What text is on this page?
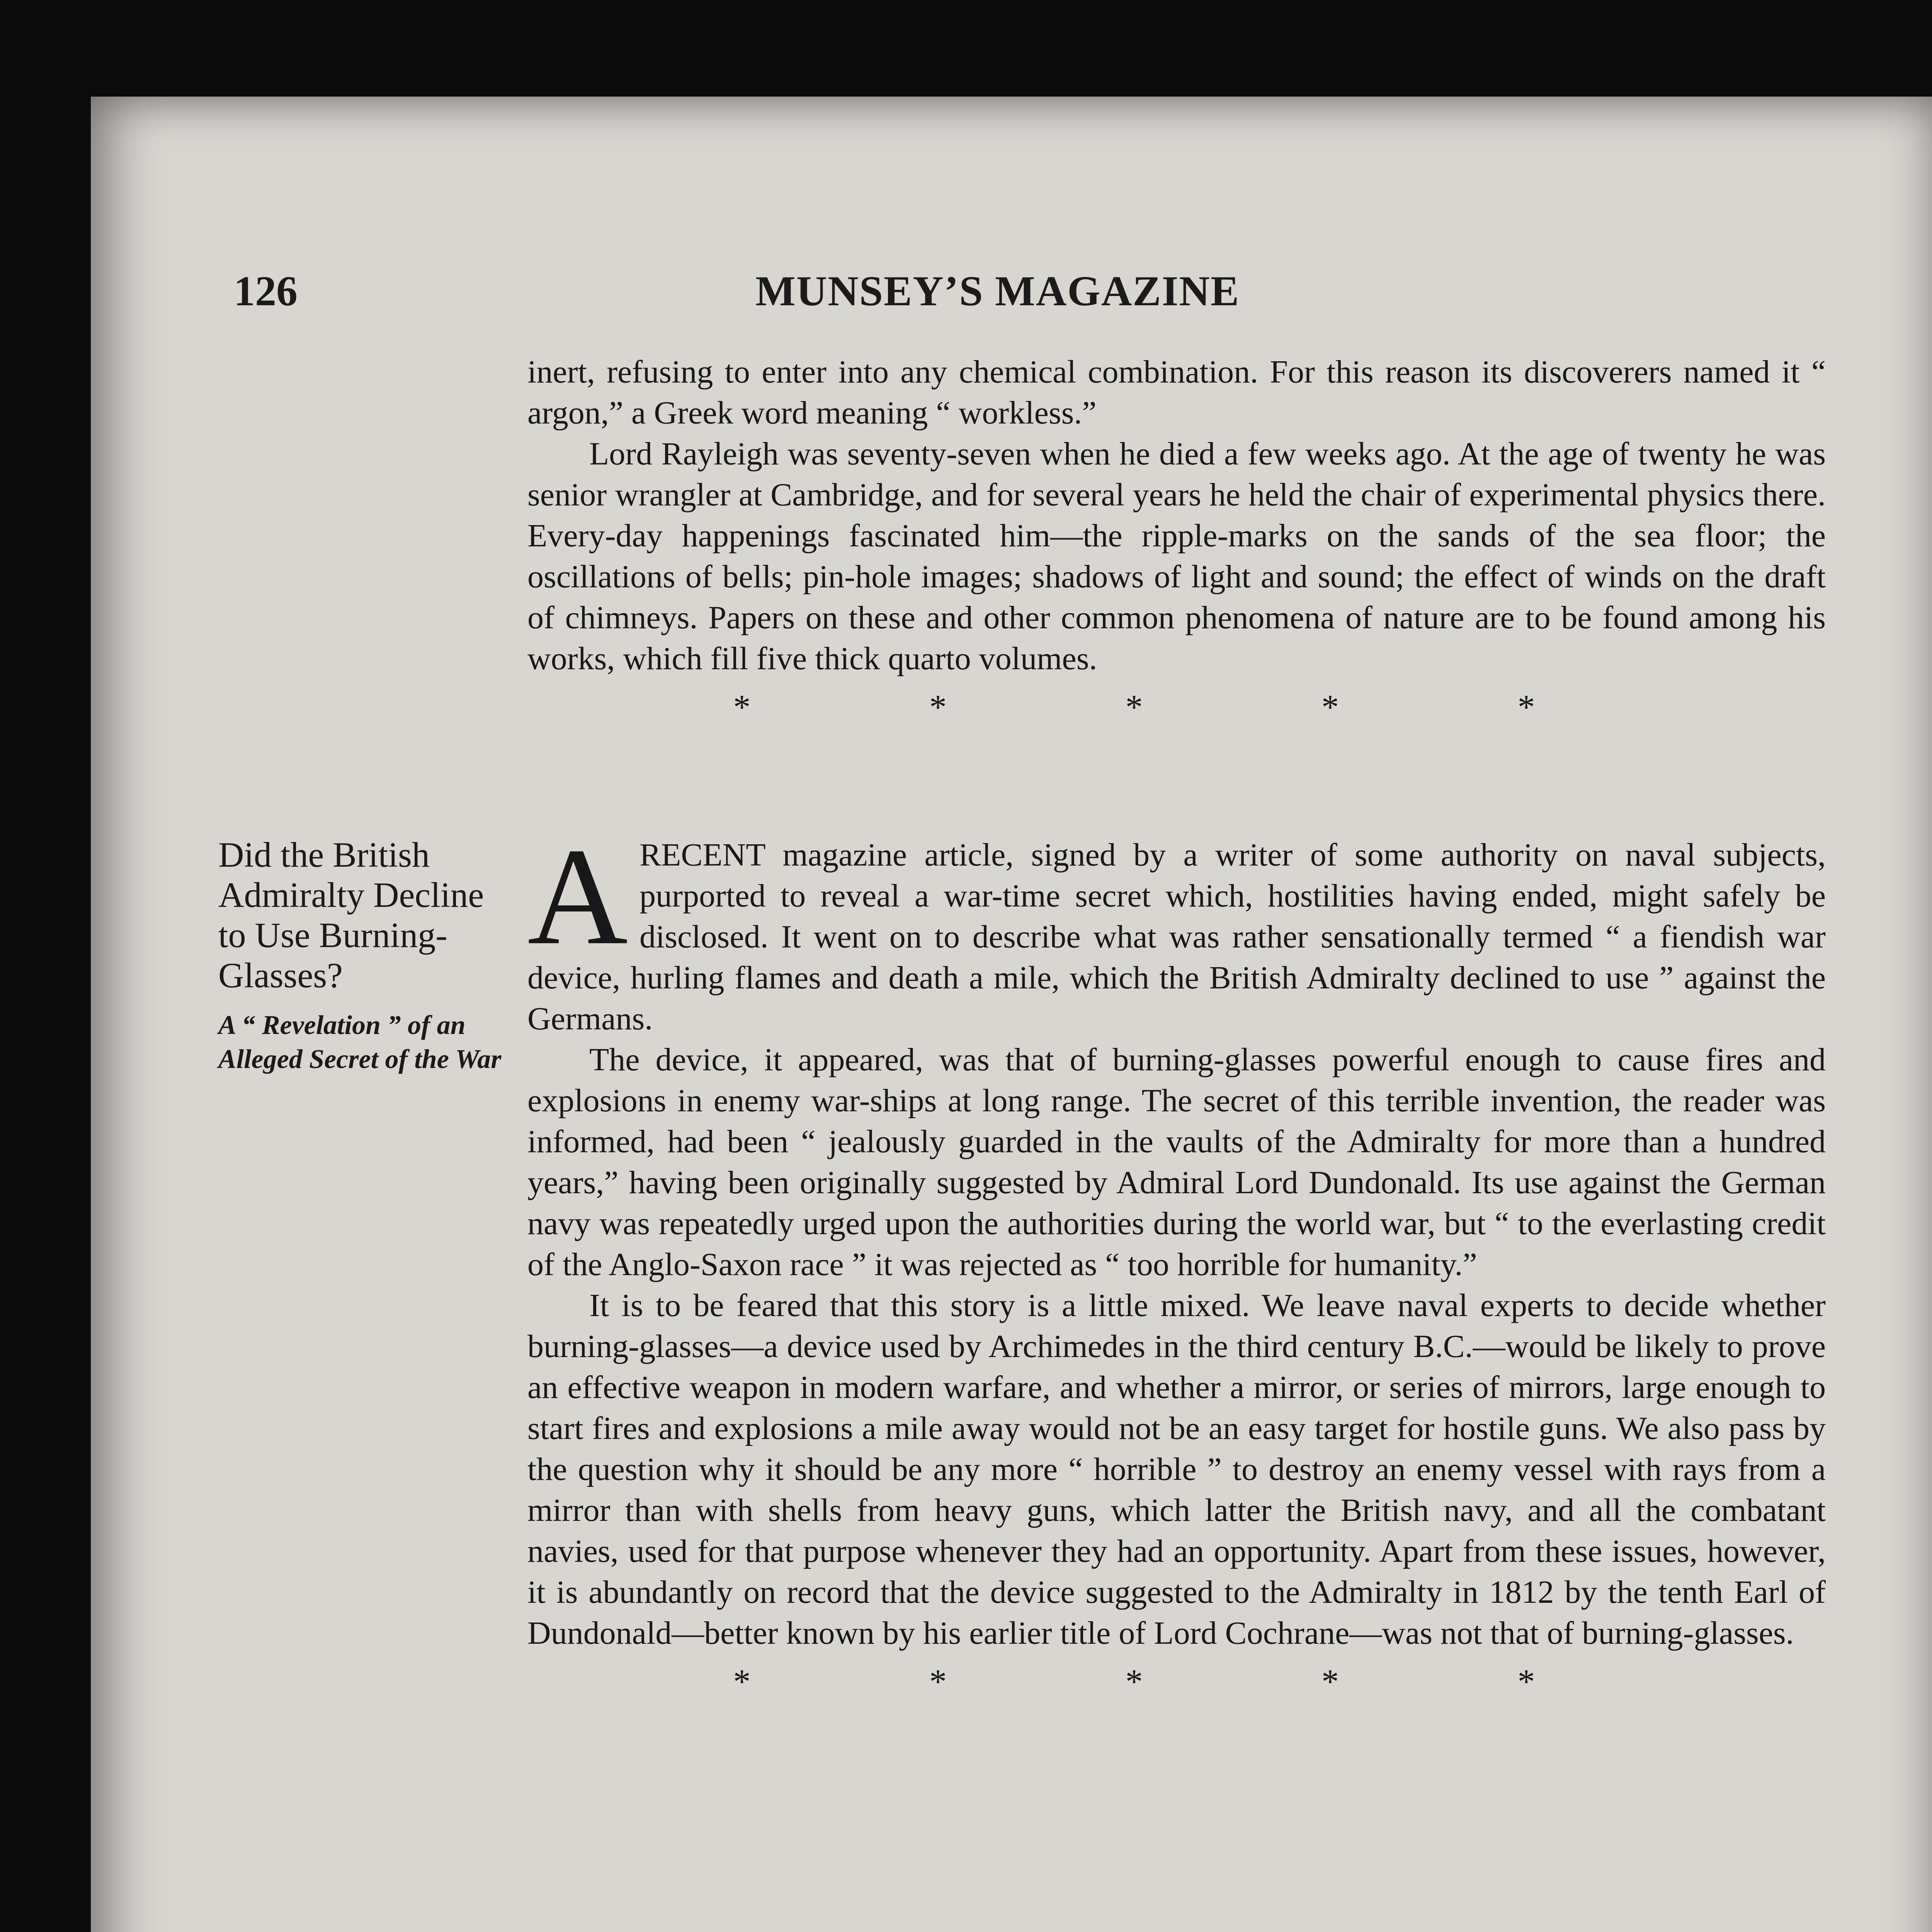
126	MUNSEY’S MAGAZINE

inert, refusing to enter into any chemical combination. For this reason its discoverers named it “ argon,” a Greek word meaning “ workless.”

Lord Rayleigh was seventy-seven when he died a few weeks ago. At the age of twenty he was senior wrangler at Cambridge, and for several years he held the chair of experimental physics there. Every-day happenings fascinated him—the ripple-marks on the sands of the sea floor; the oscillations of bells; pin-hole images; shadows of light and sound; the effect of winds on the draft of chimneys. Papers on these and other common phenomena of nature are to be found among his works, which fill five thick quarto volumes.

* * * * *

Did the British Admiralty Decline to Use Burning-Glasses?
A “ Revelation ” of an Alleged Secret of the War

ARECENT magazine article, signed by a writer of some authority on naval subjects, purported to reveal a war-time secret which, hostilities having ended, might safely be disclosed. It went on to describe what was rather sensationally termed “ a fiendish war device, hurling flames and death a mile, which the British Admiralty declined to use ” against the Germans.

The device, it appeared, was that of burning-glasses powerful enough to cause fires and explosions in enemy war-ships at long range. The secret of this terrible invention, the reader was informed, had been “ jealously guarded in the vaults of the Admiralty for more than a hundred years,” having been originally suggested by Admiral Lord Dundonald. Its use against the German navy was repeatedly urged upon the authorities during the world war, but “ to the everlasting credit of the Anglo-Saxon race ” it was rejected as “ too horrible for humanity.”

It is to be feared that this story is a little mixed. We leave naval experts to decide whether burning-glasses—a device used by Archimedes in the third century B.C.—would be likely to prove an effective weapon in modern warfare, and whether a mirror, or series of mirrors, large enough to start fires and explosions a mile away would not be an easy target for hostile guns. We also pass by the question why it should be any more “ horrible ” to destroy an enemy vessel with rays from a mirror than with shells from heavy guns, which latter the British navy, and all the combatant navies, used for that purpose whenever they had an opportunity. Apart from these issues, however, it is abundantly on record that the device suggested to the Admiralty in 1812 by the tenth Earl of Dundonald—better known by his earlier title of Lord Cochrane—was not that of burning-glasses.

* * * * *
